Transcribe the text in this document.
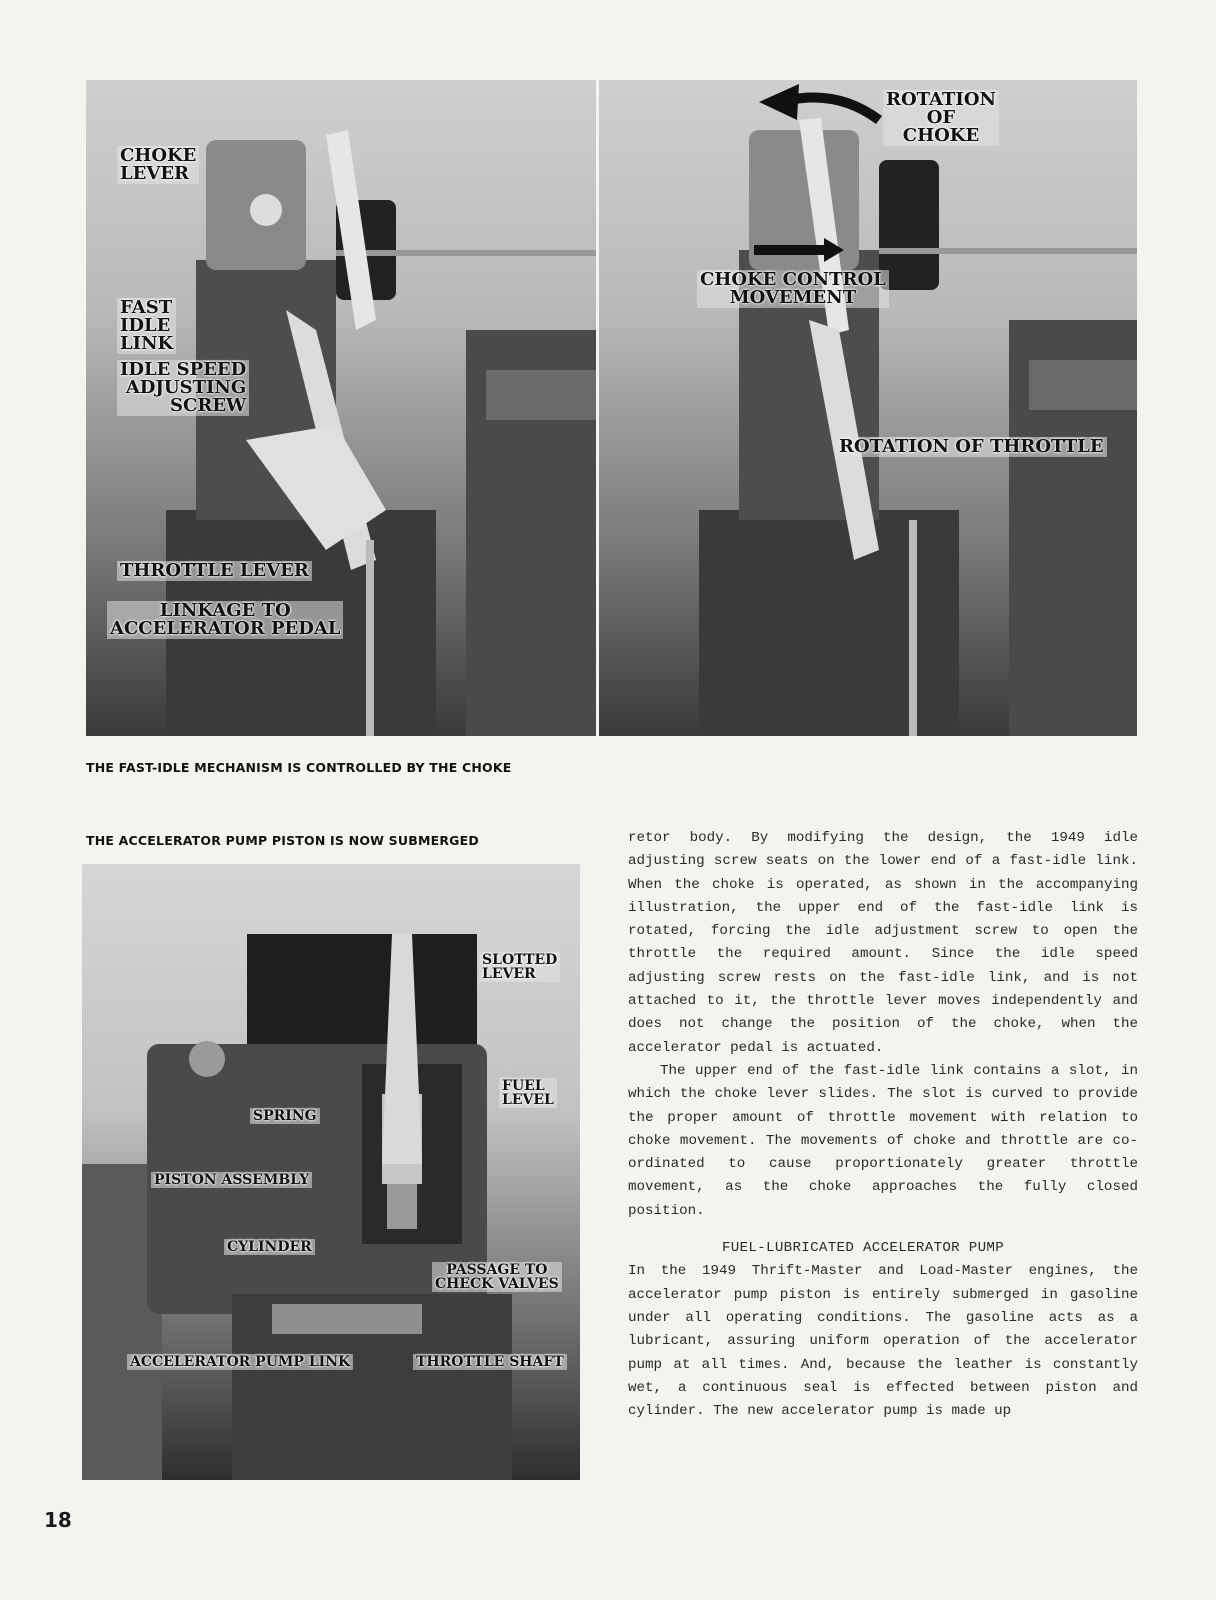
CHOKE
LEVER
FAST
IDLE
LINK
IDLE SPEED
ADJUSTING
SCREW
THROTTLE LEVER
LINKAGE TO
ACCELERATOR PEDAL
ROTATION
OF
CHOKE
CHOKE CONTROL
MOVEMENT
ROTATION OF THROTTLE
THE FAST-IDLE MECHANISM IS CONTROLLED BY THE CHOKE
THE ACCELERATOR PUMP PISTON IS NOW SUBMERGED
SLOTTED
LEVER
FUEL
LEVEL
SPRING
PISTON ASSEMBLY
CYLINDER
PASSAGE TO
CHECK VALVES
ACCELERATOR PUMP LINK	THROTTLE SHAFT

retor body. By modifying the design, the 1949 idle adjusting screw seats on the lower end of a fast-idle link. When the choke is operated, as shown in the accompanying illustration, the upper end of the fast-idle link is rotated, forcing the idle adjustment screw to open the throttle the required amount. Since the idle speed adjusting screw rests on the fast-idle link, and is not attached to it, the throttle lever moves independently and does not change the position of the choke, when the accelerator pedal is actuated.

The upper end of the fast-idle link contains a slot, in which the choke lever slides. The slot is curved to provide the proper amount of throttle movement with relation to choke movement. The movements of choke and throttle are co-ordinated to cause proportionately greater throttle movement, as the choke approaches the fully closed position.

FUEL-LUBRICATED ACCELERATOR PUMP

In the 1949 Thrift-Master and Load-Master engines, the accelerator pump piston is entirely submerged in gasoline under all operating conditions. The gasoline acts as a lubricant, assuring uniform operation of the accelerator pump at all times. And, because the leather is constantly wet, a continuous seal is effected between piston and cylinder. The new accelerator pump is made up

18
